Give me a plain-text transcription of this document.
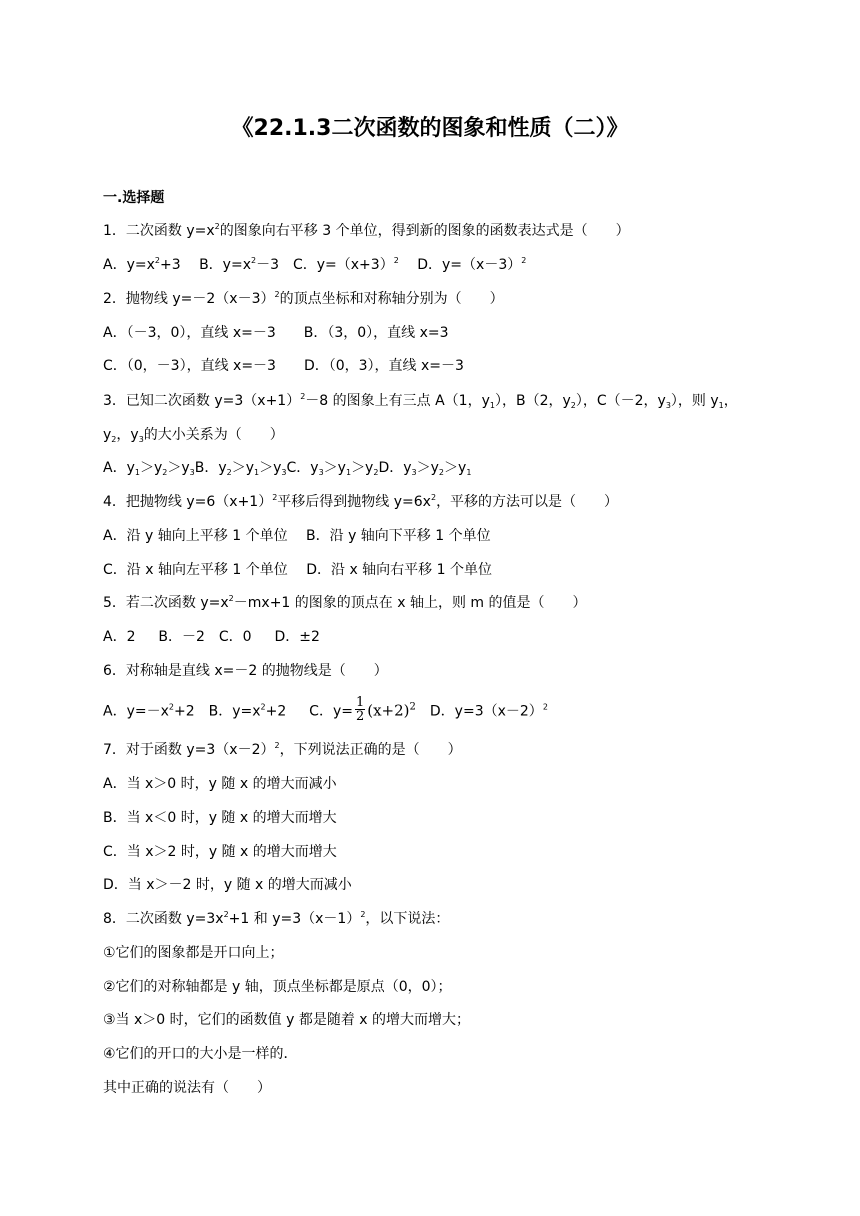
《22.1.3二次函数的图象和性质（二）》
一.选择题
1．二次函数 $y=x^2$的图象向右平移 3 个单位，得到新的图象的函数表达式是（　　）
A．$y=x^2+3$　 B．$y=x^2-3$　C．$y=(x+3)^2$　 D．$y=(x-3)^2$
2．抛物线 $y=-2(x-3)^2$的顶点坐标和对称轴分别为（　　）
A．（－3，0），直线 x=－3　　B．（3，0），直线 x=3
C．（0，－3），直线 x=－3　　D．（0，3），直线 x=－3
3．已知二次函数 $y=3(x+1)^2-8$ 的图象上有三点 A（1，$y_1$），B（2，$y_2$），C（－2，$y_3$），则 $y_1$，
$y_2$，$y_3$的大小关系为（　　）
A．$y_1>y_2>y_3B$．$y_2>y_1>y_3C$．$y_3>y_1>y_2D$．$y_3>y_2>y_1$
4．把抛物线 $y=6(x+1)^2$平移后得到抛物线 $y=6x^2$，平移的方法可以是（　　）
A．沿 y 轴向上平移 1 个单位　 B．沿 y 轴向下平移 1 个单位
C．沿 x 轴向左平移 1 个单位　 D．沿 x 轴向右平移 1 个单位
5．若二次函数 $y=x^2-mx+1$ 的图象的顶点在 x 轴上，则 m 的值是（　　）
A．2 　 B．－2　C．0 　 D．±2
6．对称轴是直线 x=－2 的抛物线是（　　）
A．$y=-x^2+2$　B．$y=x^2+2$ 　 C．$y= \frac{1}{2} (x+2)^2$　D．$y=3(x-2)^2$
7．对于函数 $y=3(x-2)^2$，下列说法正确的是（　　）
A．当 x＞0 时，y 随 x 的增大而减小
B．当 x＜0 时，y 随 x 的增大而增大
C．当 x＞2 时，y 随 x 的增大而增大
D．当 x＞－2 时，y 随 x 的增大而减小
8．二次函数 $y=3x^2+1$ 和 $y=3(x-1)^2$，以下说法：
①它们的图象都是开口向上；
②它们的对称轴都是 y 轴，顶点坐标都是原点（0，0）；
③当 x＞0 时，它们的函数值 y 都是随着 x 的增大而增大；
④它们的开口的大小是一样的．
其中正确的说法有（　　）
